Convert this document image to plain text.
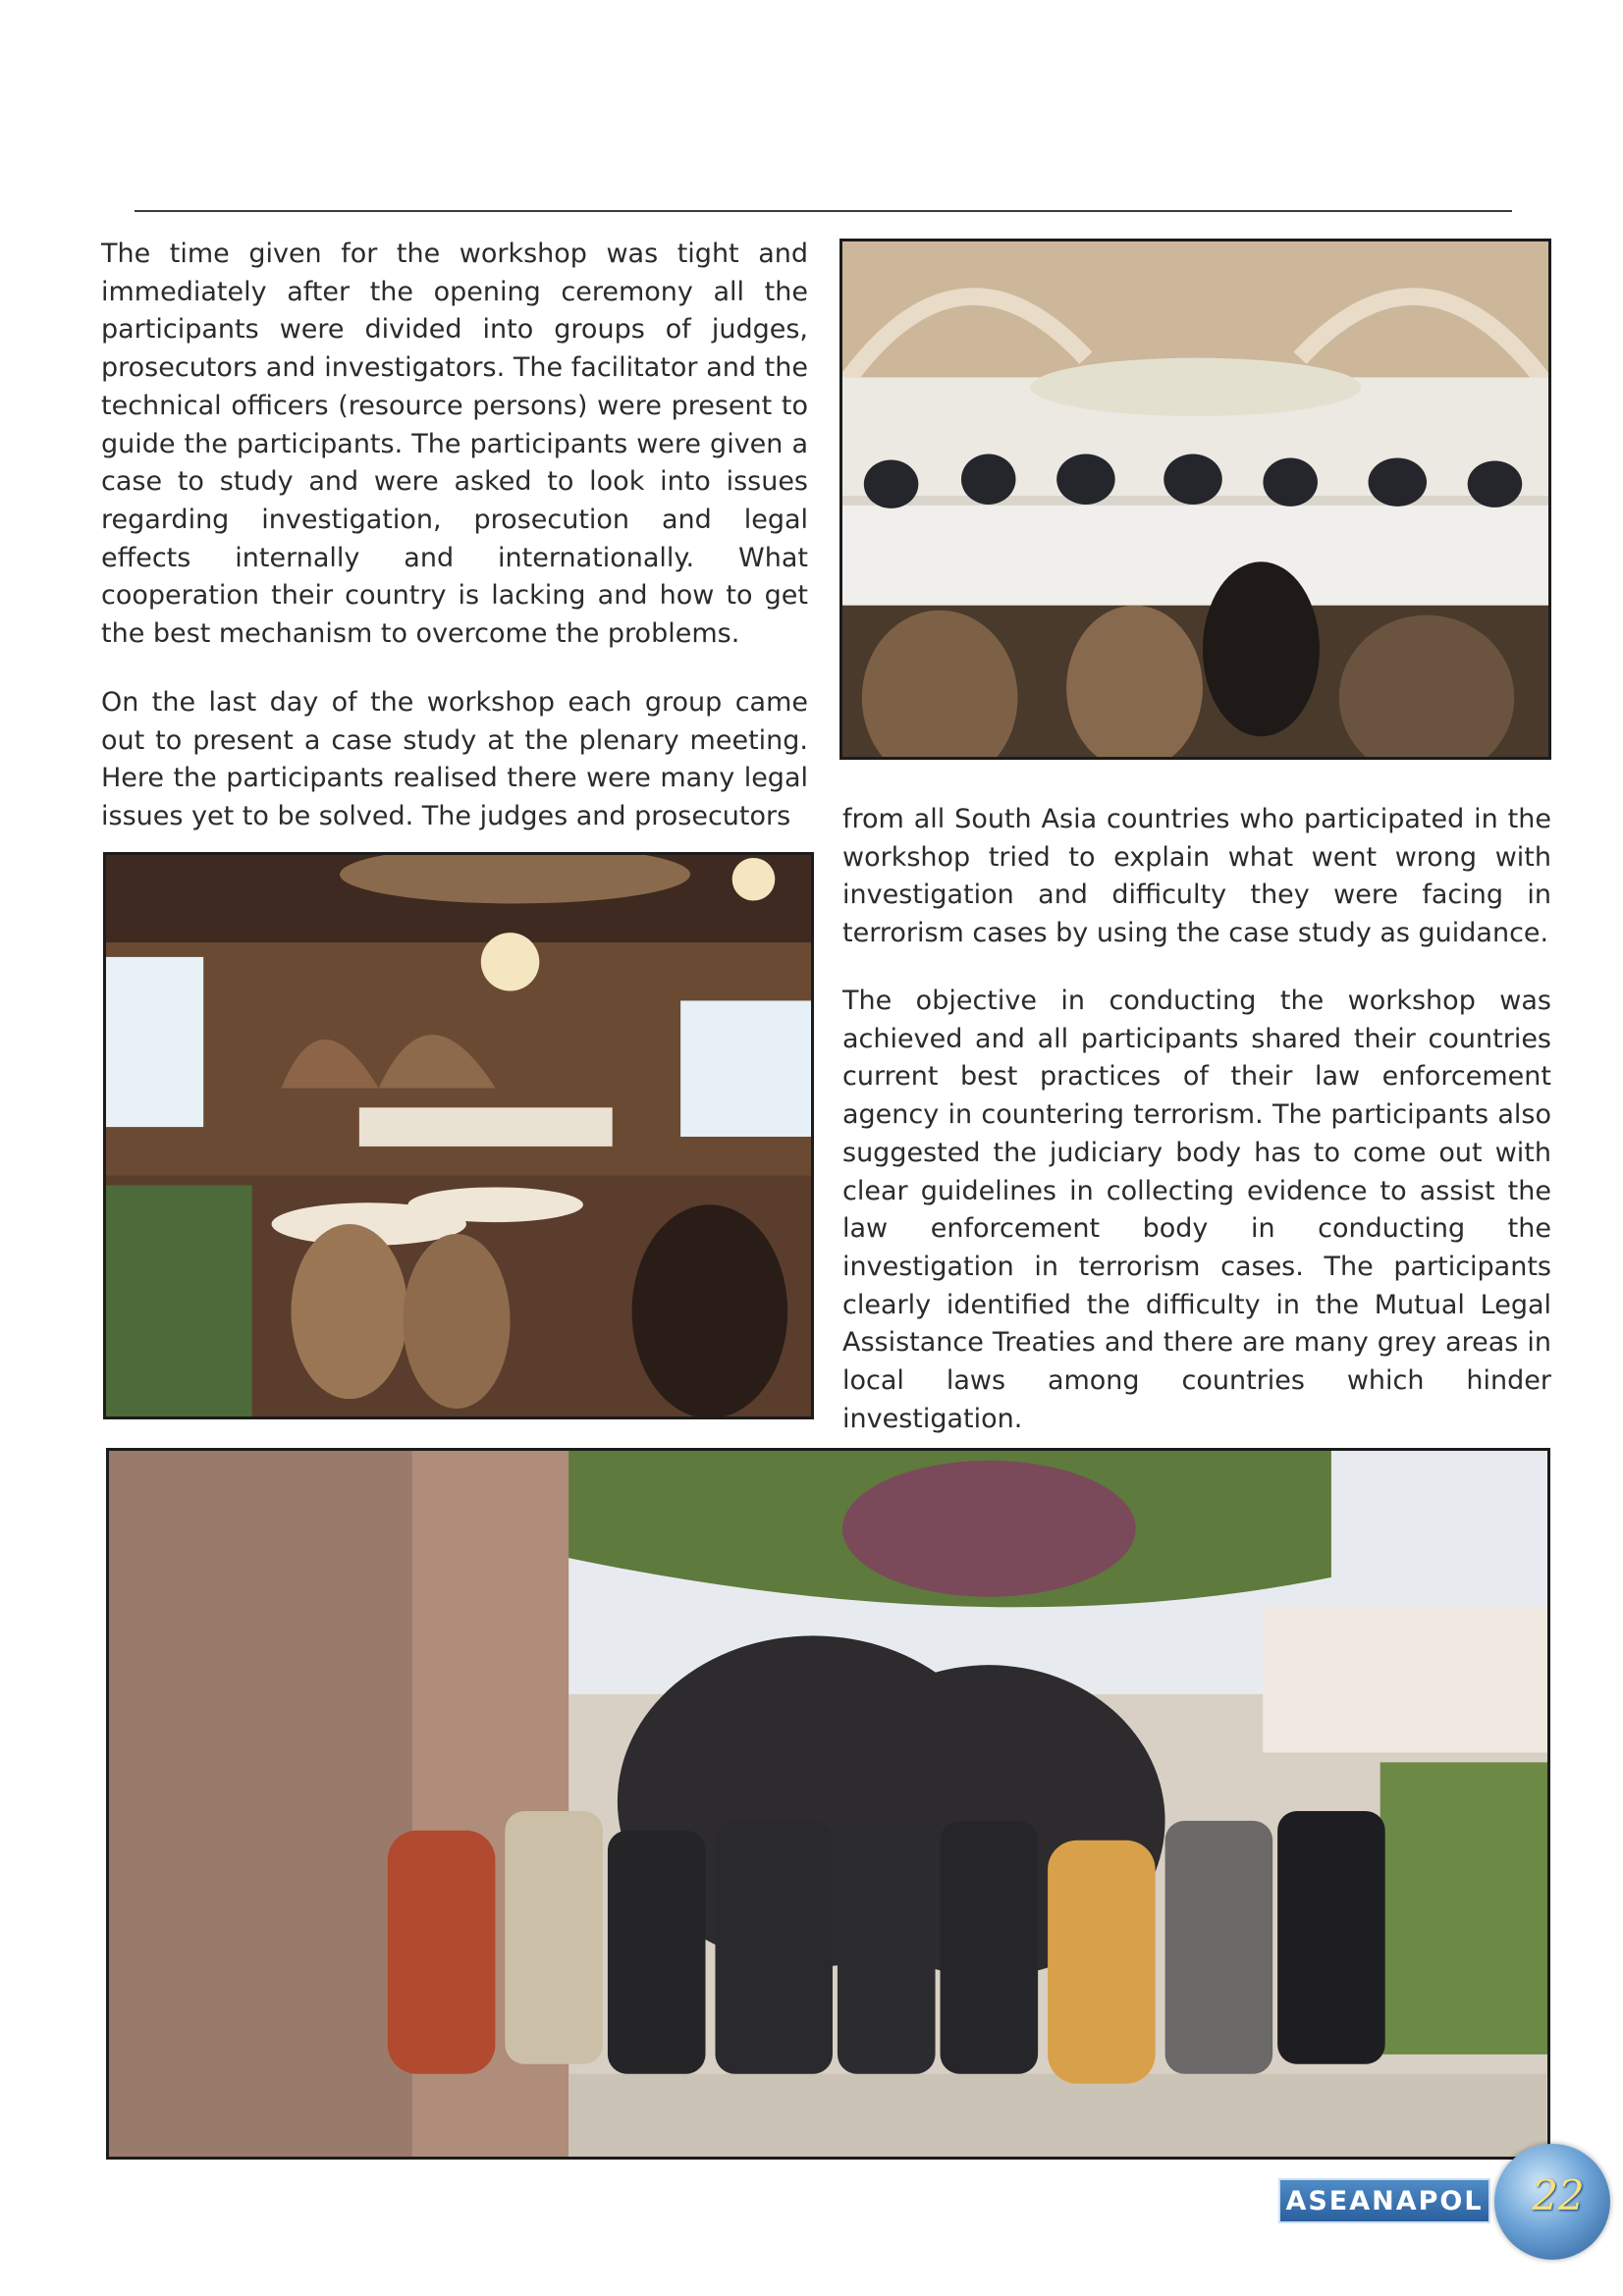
The time given for the workshop was tight and immediately after the opening ceremony all the participants were divided into groups of judges, prosecutors and investigators. The facilitator and the technical officers (resource persons) were present to guide the participants. The participants were given a case to study and were asked to look into issues regarding investigation, prosecution and legal effects internally and internationally. What cooperation their country is lacking and how to get the best mechanism to overcome the problems.

On the last day of the workshop each group came out to present a case study at the plenary meeting. Here the participants realised there were many legal issues yet to be solved. The judges and prosecutors	from all South Asia countries who participated in the workshop tried to explain what went wrong with investigation and difficulty they were facing in terrorism cases by using the case study as guidance.

The objective in conducting the workshop was achieved and all participants shared their countries current best practices of their law enforcement agency in countering terrorism. The participants also suggested the judiciary body has to come out with clear guidelines in collecting evidence to assist the law enforcement body in conducting the investigation in terrorism cases. The participants clearly identified the difficulty in the Mutual Legal Assistance Treaties and there are many grey areas in local laws among countries which hinder investigation.

ASEANAPOL 22
